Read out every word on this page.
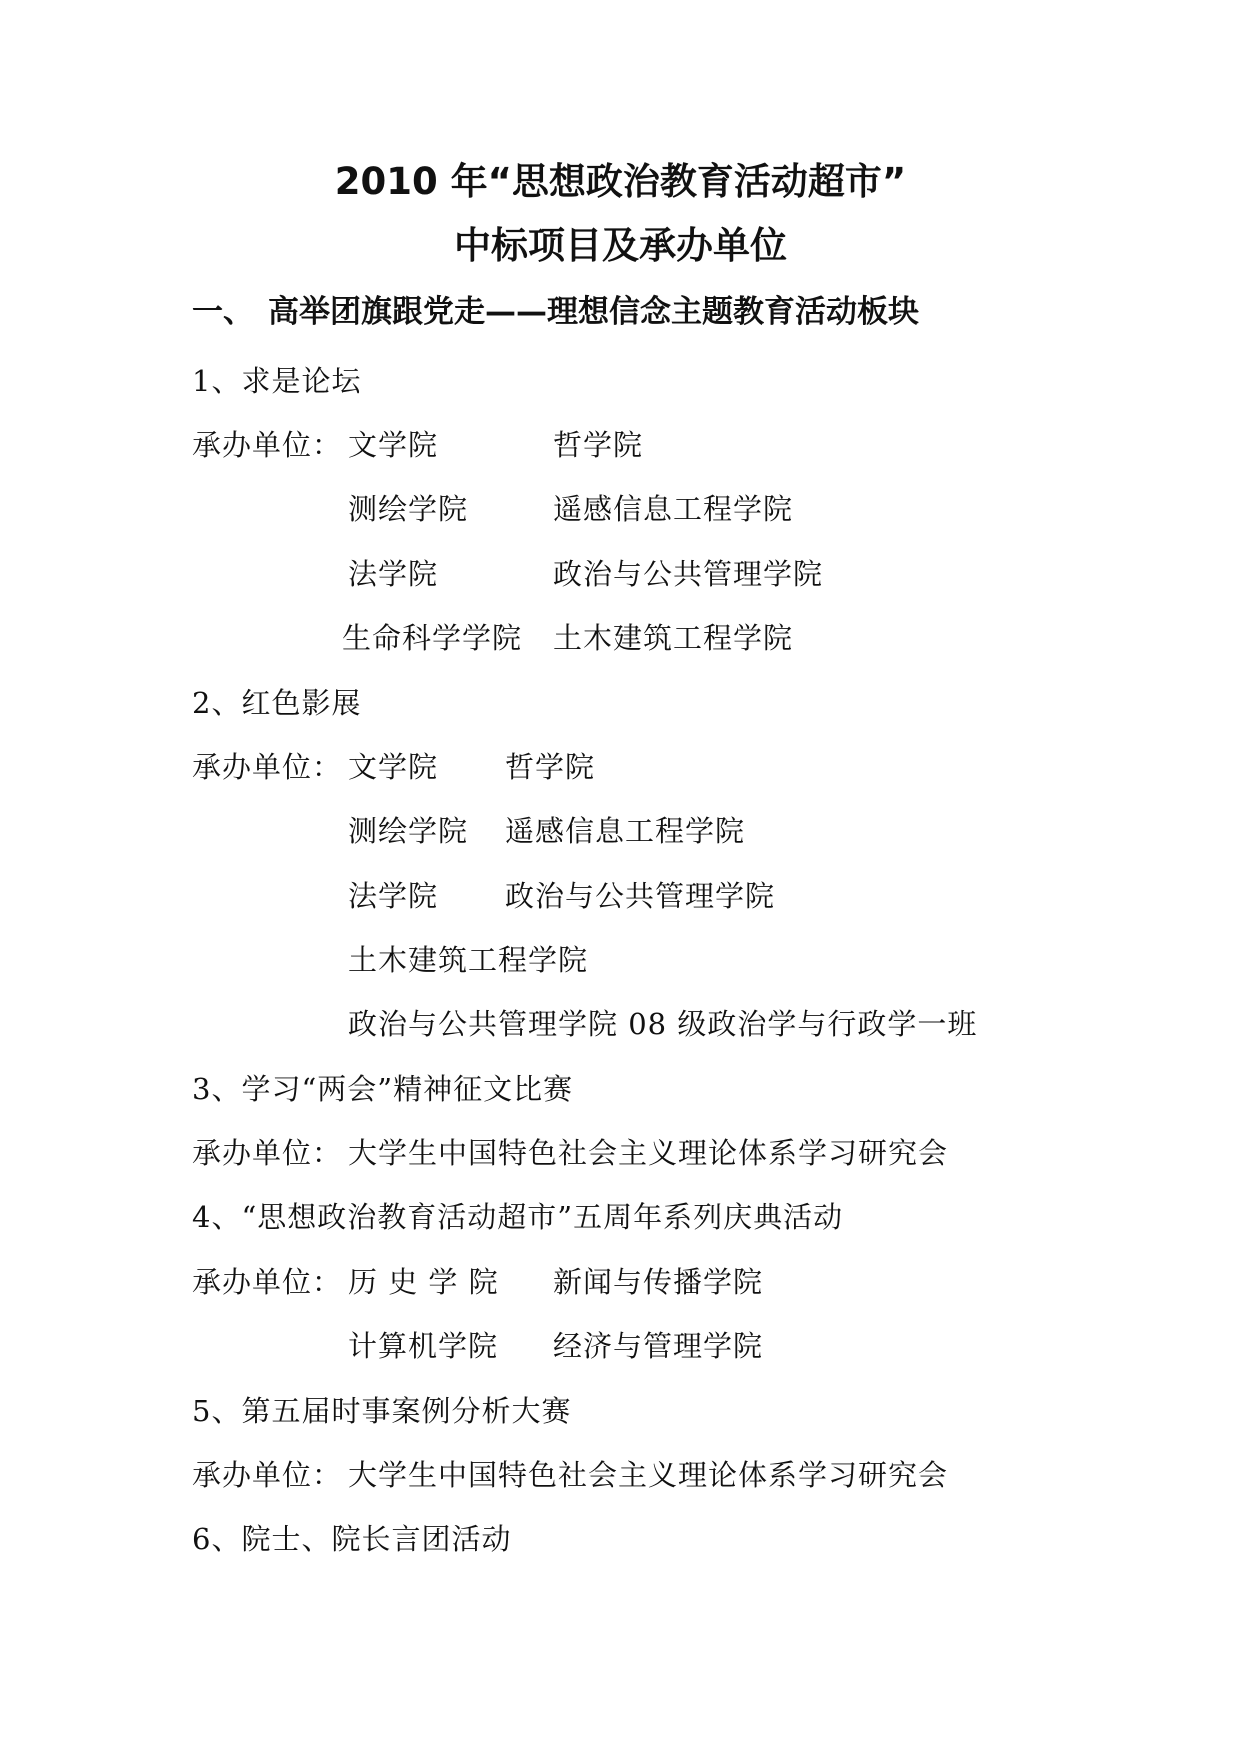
2010 年“思想政治教育活动超市”
中标项目及承办单位
一、 高举团旗跟党走——理想信念主题教育活动板块
1、求是论坛
承办单位： 文学院	哲学院
测绘学院	遥感信息工程学院
法学院	政治与公共管理学院
生命科学学院 土木建筑工程学院
2、红色影展
承办单位： 文学院 哲学院
测绘学院 遥感信息工程学院
法学院 政治与公共管理学院
土木建筑工程学院
政治与公共管理学院 08 级政治学与行政学一班
3、学习“两会”精神征文比赛
承办单位： 大学生中国特色社会主义理论体系学习研究会
4、“思想政治教育活动超市”五周年系列庆典活动
承办单位： 历 史 学 院 新闻与传播学院
计算机学院 经济与管理学院
5、第五届时事案例分析大赛
承办单位： 大学生中国特色社会主义理论体系学习研究会
6、院士、院长言团活动
